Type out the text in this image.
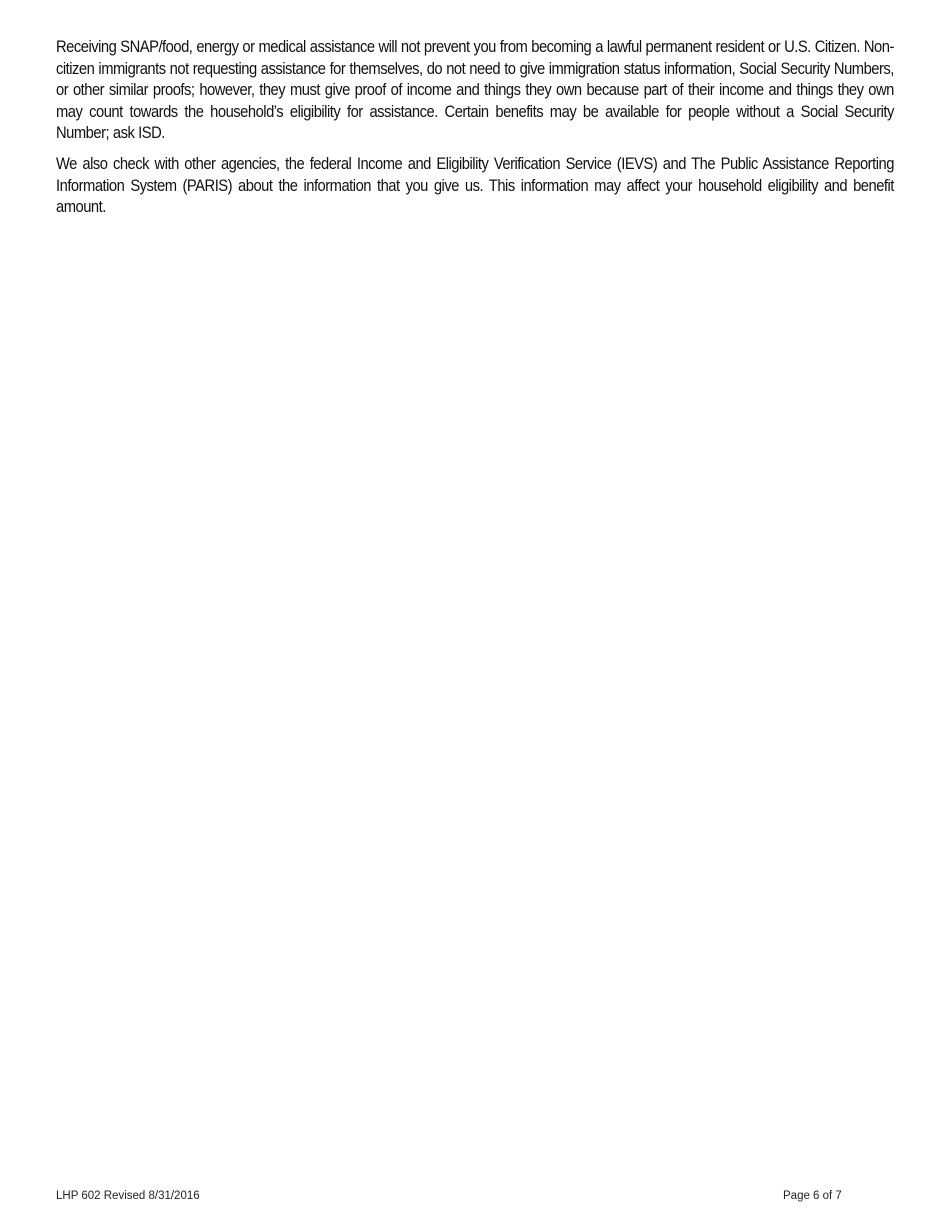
Receiving SNAP/food, energy or medical assistance will not prevent you from becoming a lawful permanent resident or U.S. Citizen. Non-citizen immigrants not requesting assistance for themselves, do not need to give immigration status information, Social Security Numbers, or other similar proofs; however, they must give proof of income and things they own because part of their income and things they own may count towards the household’s eligibility for assistance. Certain benefits may be available for people without a Social Security Number; ask ISD.

We also check with other agencies, the federal Income and Eligibility Verification Service (IEVS) and The Public Assistance Reporting Information System (PARIS) about the information that you give us. This information may affect your household eligibility and benefit amount.

LHP 602 Revised 8/31/2016	Page 6 of 7
